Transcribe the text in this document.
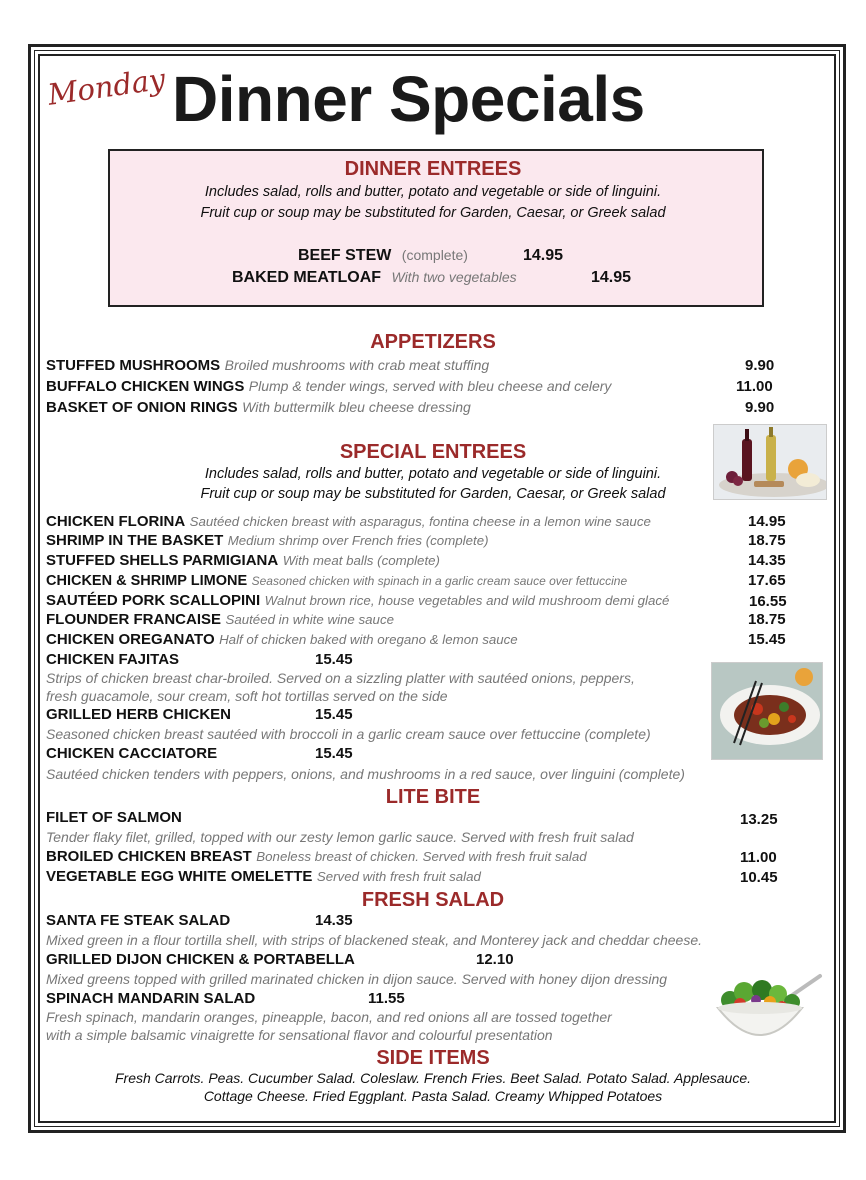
Monday Dinner Specials
DINNER ENTREES
Includes salad, rolls and butter, potato and vegetable or side of linguini.
Fruit cup or soup may be substituted for Garden, Caesar, or Greek salad
BEEF STEW (complete)	14.95
BAKED MEATLOAF With two vegetables	14.95
APPETIZERS
STUFFED MUSHROOMS Broiled mushrooms with crab meat stuffing	9.90
BUFFALO CHICKEN WINGS Plump & tender wings, served with bleu cheese and celery	11.00
BASKET OF ONION RINGS With buttermilk bleu cheese dressing	9.90
SPECIAL ENTREES
Includes salad, rolls and butter, potato and vegetable or side of linguini.
Fruit cup or soup may be substituted for Garden, Caesar, or Greek salad
CHICKEN FLORINA Sautéed chicken breast with asparagus, fontina cheese in a lemon wine sauce	14.95
SHRIMP IN THE BASKET Medium shrimp over French fries (complete)	18.75
STUFFED SHELLS PARMIGIANA With meat balls (complete)	14.35
CHICKEN & SHRIMP LIMONE Seasoned chicken with spinach in a garlic cream sauce over fettuccine	17.65
SAUTÉED PORK SCALLOPINI Walnut brown rice, house vegetables and wild mushroom demi glacé	16.55
FLOUNDER FRANCAISE Sautéed in white wine sauce	18.75
CHICKEN OREGANATO Half of chicken baked with oregano & lemon sauce	15.45
CHICKEN FAJITAS	15.45
Strips of chicken breast char-broiled. Served on a sizzling platter with sautéed onions, peppers,
fresh guacamole, sour cream, soft hot tortillas served on the side
GRILLED HERB CHICKEN	15.45
Seasoned chicken breast sautéed with broccoli in a garlic cream sauce over fettuccine (complete)
CHICKEN CACCIATORE	15.45
Sautéed chicken tenders with peppers, onions, and mushrooms in a red sauce, over linguini (complete)
LITE BITE
FILET OF SALMON	13.25
Tender flaky filet, grilled, topped with our zesty lemon garlic sauce. Served with fresh fruit salad
BROILED CHICKEN BREAST Boneless breast of chicken. Served with fresh fruit salad	11.00
VEGETABLE EGG WHITE OMELETTE Served with fresh fruit salad	10.45
FRESH SALAD
SANTA FE STEAK SALAD	14.35
Mixed green in a flour tortilla shell, with strips of blackened steak, and Monterey jack and cheddar cheese.
GRILLED DIJON CHICKEN & PORTABELLA	12.10
Mixed greens topped with grilled marinated chicken in dijon sauce. Served with honey dijon dressing
SPINACH MANDARIN SALAD	11.55
Fresh spinach, mandarin oranges, pineapple, bacon, and red onions all are tossed together
with a simple balsamic vinaigrette for sensational flavor and colourful presentation
SIDE ITEMS
Fresh Carrots. Peas. Cucumber Salad. Coleslaw. French Fries. Beet Salad. Potato Salad. Applesauce.
Cottage Cheese. Fried Eggplant. Pasta Salad. Creamy Whipped Potatoes
